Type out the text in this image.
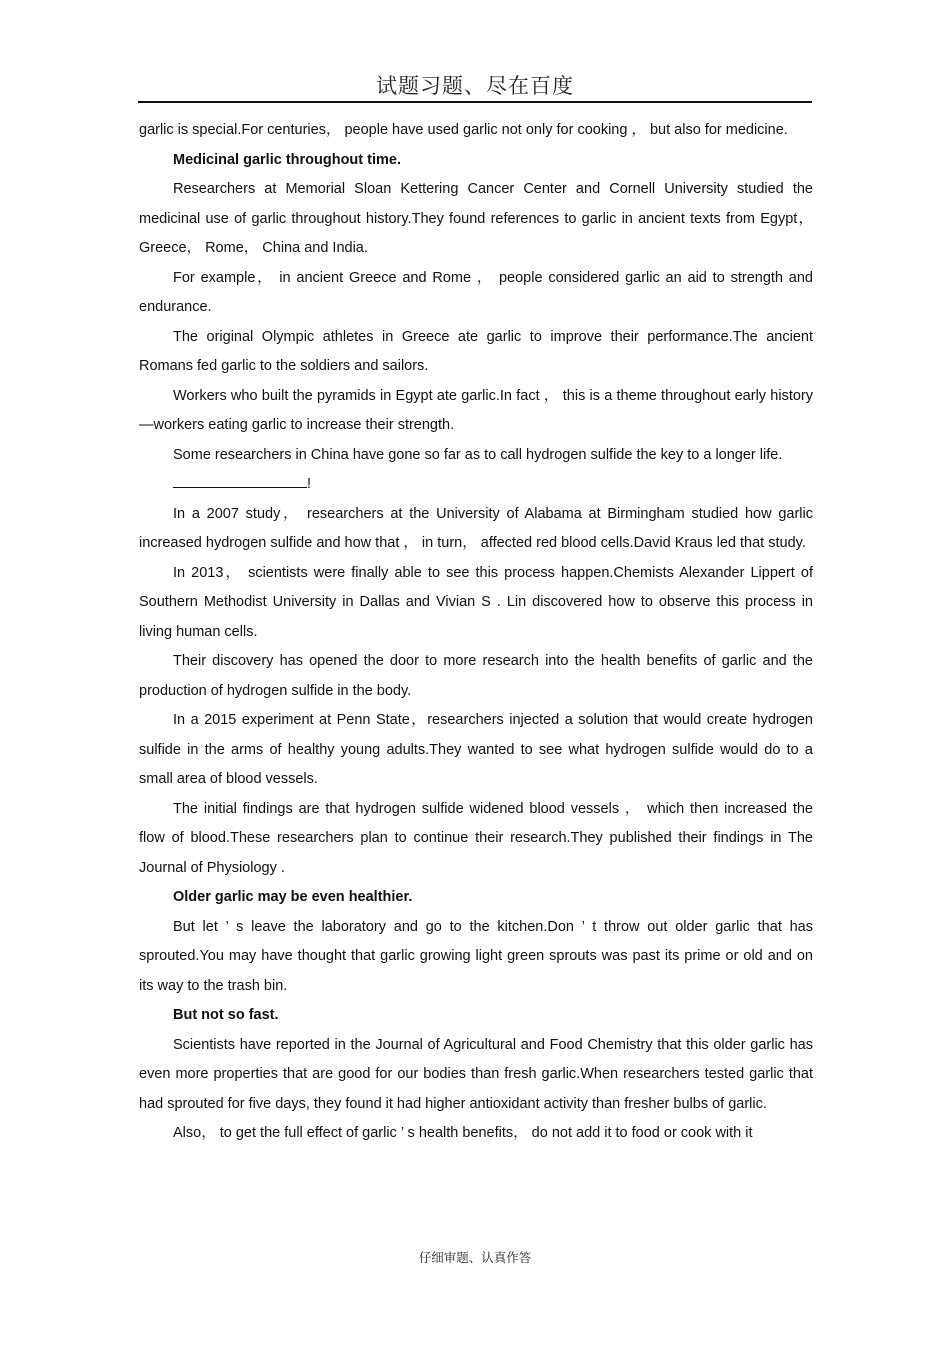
试题习题、尽在百度

garlic is special.For centuries， people have used garlic not only for cooking ， but also for medicine.

Medicinal garlic throughout time.

Researchers at Memorial Sloan Kettering Cancer Center and Cornell University studied the medicinal use of garlic throughout history.They found references to garlic in ancient texts from Egypt， Greece， Rome， China and India.

For example， in ancient Greece and Rome ， people considered garlic an aid to strength and endurance.

The original Olympic athletes in Greece ate garlic to improve their performance.The ancient Romans fed garlic to the soldiers and sailors.

Workers who built the pyramids in Egypt ate garlic.In fact ， this is a theme throughout early history—workers eating garlic to increase their strength.

Some researchers in China have gone so far as to call hydrogen sulfide the key to a longer life.

!

In a 2007 study， researchers at the University of Alabama at Birmingham studied how garlic increased hydrogen sulfide and how that ， in turn， affected red blood cells.David Kraus led that study.

In 2013， scientists were finally able to see this process happen.Chemists Alexander Lippert of Southern Methodist University in Dallas and Vivian S . Lin discovered how to observe this process in living human cells.

Their discovery has opened the door to more research into the health benefits of garlic and the production of hydrogen sulfide in the body.

In a 2015 experiment at Penn State，researchers injected a solution that would create hydrogen sulfide in the arms of healthy young adults.They wanted to see what hydrogen sulfide would do to a small area of blood vessels.

The initial findings are that hydrogen sulfide widened blood vessels ， which then increased the flow of blood.These researchers plan to continue their research.They published their findings in The Journal of Physiology .

Older garlic may be even healthier.

But let ’ s leave the laboratory and go to the kitchen.Don ’ t throw out older garlic that has sprouted.You may have thought that garlic growing light green sprouts was past its prime or old and on its way to the trash bin.

But not so fast.

Scientists have reported in the Journal of Agricultural and Food Chemistry that this older garlic has even more properties that are good for our bodies than fresh garlic.When researchers tested garlic that had sprouted for five days, they found it had higher antioxidant activity than fresher bulbs of garlic.

Also， to get the full effect of garlic ’ s health benefits， do not add it to food or cook with it

仔细审题、认真作答
